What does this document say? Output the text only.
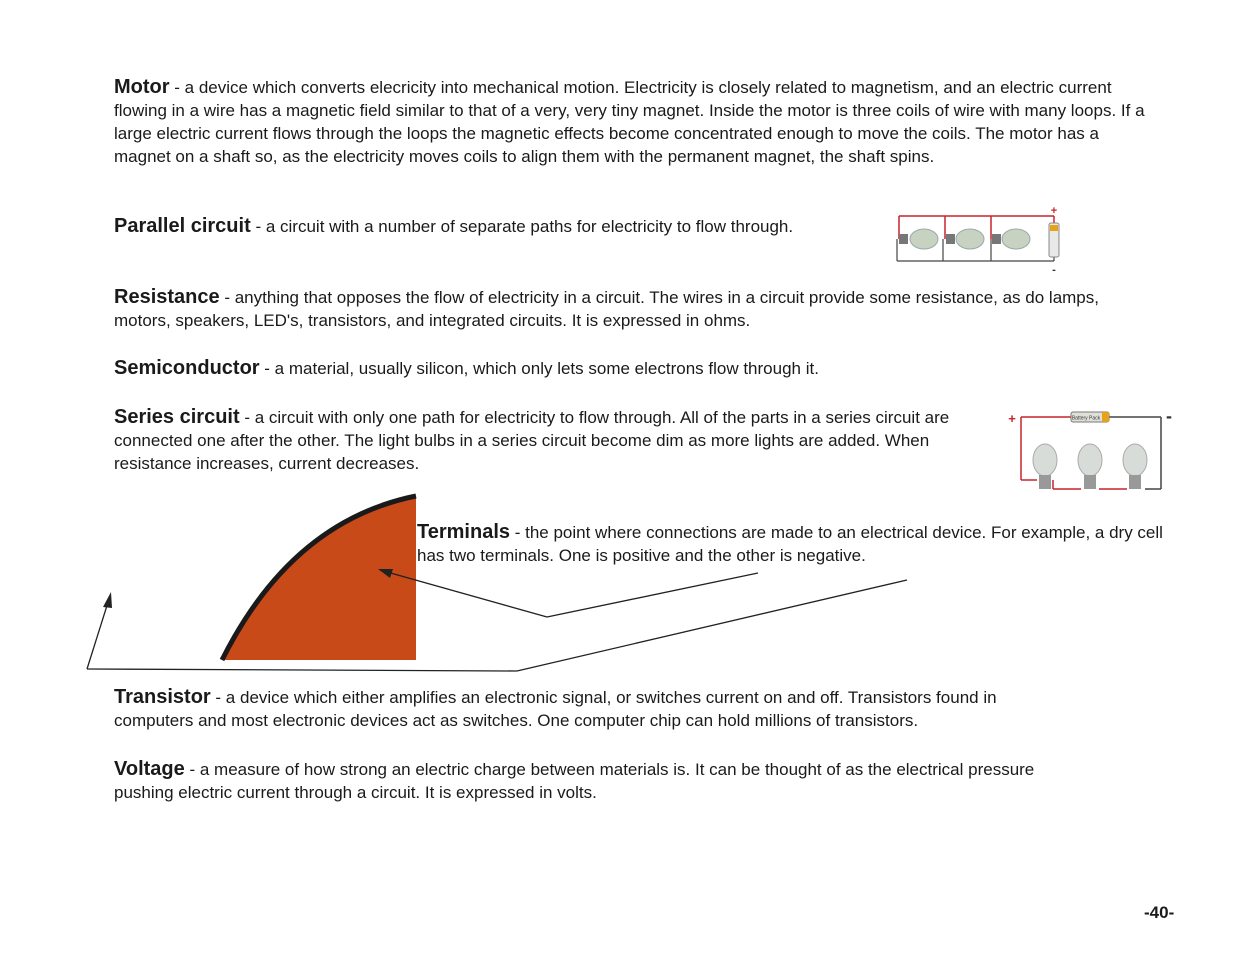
Motor - a device which converts elecricity into mechanical motion. Electricity is closely related to magnetism, and an electric current flowing in a wire has a magnetic field similar to that of a very, very tiny magnet. Inside the motor is three coils of wire with many loops. If a large electric current flows through the loops the magnetic effects become concentrated enough to move the coils. The motor has a magnet on a shaft so, as the electricity moves coils to align them with the permanent magnet, the shaft spins.
Parallel circuit - a circuit with a number of separate paths for electricity to flow through.
+
-
Resistance - anything that opposes the flow of electricity in a circuit. The wires in a circuit provide some resistance, as do lamps, motors, speakers, LED's, transistors, and integrated circuits. It is expressed in ohms.
Semiconductor - a material, usually silicon, which only lets some electrons flow through it.
Series circuit - a circuit with only one path for electricity to flow through. All of the parts in a series circuit are connected one after the other. The light bulbs in a series circuit become dim as more lights are added. When resistance increases, current decreases.
Battery Pack
+	-
Terminals - the point where connections are made to an electrical device. For example, a dry cell has two terminals. One is positive and the other is negative.
Transistor - a device which either amplifies an electronic signal, or switches current on and off. Transistors found in computers and most electronic devices act as switches. One computer chip can hold millions of transistors.
Voltage - a measure of how strong an electric charge between materials is. It can be thought of as the electrical pressure pushing electric current through a circuit. It is expressed in volts.
-40-
